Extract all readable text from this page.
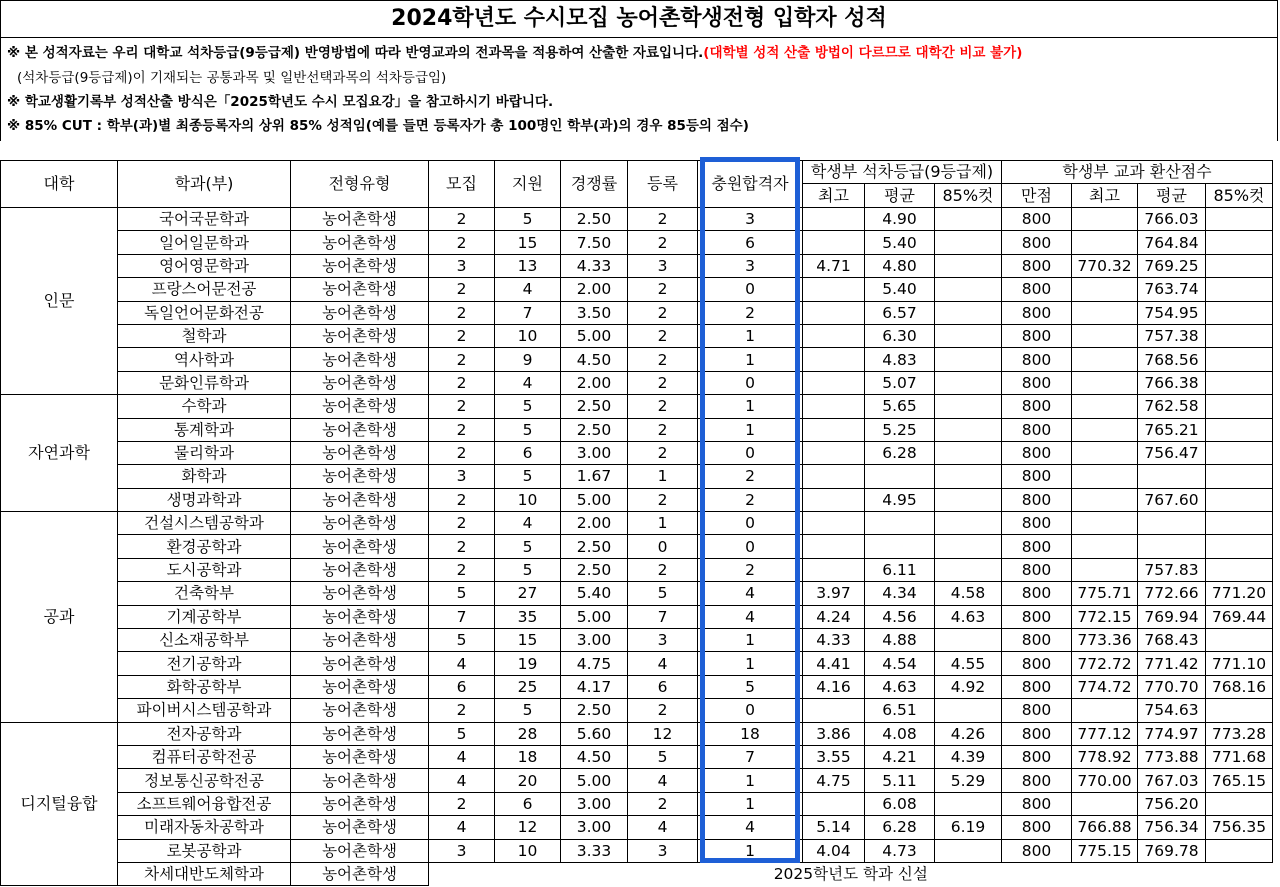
2024학년도 수시모집 농어촌학생전형 입학자 성적
※ 본 성적자료는 우리 대학교 석차등급(9등급제) 반영방법에 따라 반영교과의 전과목을 적용하여 산출한 자료입니다.(대학별 성적 산출 방법이 다르므로 대학간 비교 불가)
(석차등급(9등급제)이 기재되는 공통과목 및 일반선택과목의 석차등급임)
※ 학교생활기록부 성적산출 방식은「2025학년도 수시 모집요강」을 참고하시기 바랍니다.
※ 85% CUT : 학부(과)별 최종등록자의 상위 85% 성적임(예를 들면 등록자가 총 100명인 학부(과)의 경우 85등의 점수)
대학	학과(부)	전형유형	모집	지원	경쟁률	등록	충원합격자	학생부 석차등급(9등급제)			학생부 교과 환산점수			
								최고	평균	85%컷	만점	최고	평균	85%컷
인문	국어국문학과	농어촌학생	2	5	2.50	2	3		4.90		800		766.03	
	일어일문학과	농어촌학생	2	15	7.50	2	6		5.40		800		764.84	
	영어영문학과	농어촌학생	3	13	4.33	3	3	4.71	4.80		800	770.32	769.25	
	프랑스어문전공	농어촌학생	2	4	2.00	2	0		5.40		800		763.74	
	독일언어문화전공	농어촌학생	2	7	3.50	2	2		6.57		800		754.95	
	철학과	농어촌학생	2	10	5.00	2	1		6.30		800		757.38	
	역사학과	농어촌학생	2	9	4.50	2	1		4.83		800		768.56	
	문화인류학과	농어촌학생	2	4	2.00	2	0		5.07		800		766.38	
자연과학	수학과	농어촌학생	2	5	2.50	2	1		5.65		800		762.58	
	통계학과	농어촌학생	2	5	2.50	2	1		5.25		800		765.21	
	물리학과	농어촌학생	2	6	3.00	2	0		6.28		800		756.47	
	화학과	농어촌학생	3	5	1.67	1	2				800			
	생명과학과	농어촌학생	2	10	5.00	2	2		4.95		800		767.60	
공과	건설시스템공학과	농어촌학생	2	4	2.00	1	0				800			
	환경공학과	농어촌학생	2	5	2.50	0	0				800			
	도시공학과	농어촌학생	2	5	2.50	2	2		6.11		800		757.83	
	건축학부	농어촌학생	5	27	5.40	5	4	3.97	4.34	4.58	800	775.71	772.66	771.20
	기계공학부	농어촌학생	7	35	5.00	7	4	4.24	4.56	4.63	800	772.15	769.94	769.44
	신소재공학부	농어촌학생	5	15	3.00	3	1	4.33	4.88		800	773.36	768.43	
	전기공학과	농어촌학생	4	19	4.75	4	1	4.41	4.54	4.55	800	772.72	771.42	771.10
	화학공학부	농어촌학생	6	25	4.17	6	5	4.16	4.63	4.92	800	774.72	770.70	768.16
	파이버시스템공학과	농어촌학생	2	5	2.50	2	0		6.51		800		754.63	
디지털융합	전자공학과	농어촌학생	5	28	5.60	12	18	3.86	4.08	4.26	800	777.12	774.97	773.28
	컴퓨터공학전공	농어촌학생	4	18	4.50	5	7	3.55	4.21	4.39	800	778.92	773.88	771.68
	정보통신공학전공	농어촌학생	4	20	5.00	4	1	4.75	5.11	5.29	800	770.00	767.03	765.15
	소프트웨어융합전공	농어촌학생	2	6	3.00	2	1		6.08		800		756.20	
	미래자동차공학과	농어촌학생	4	12	3.00	4	4	5.14	6.28	6.19	800	766.88	756.34	756.35
	로봇공학과	농어촌학생	3	10	3.33	3	1	4.04	4.73		800	775.15	769.78	
	차세대반도체학과	농어촌학생	2025학년도 학과 신설											
